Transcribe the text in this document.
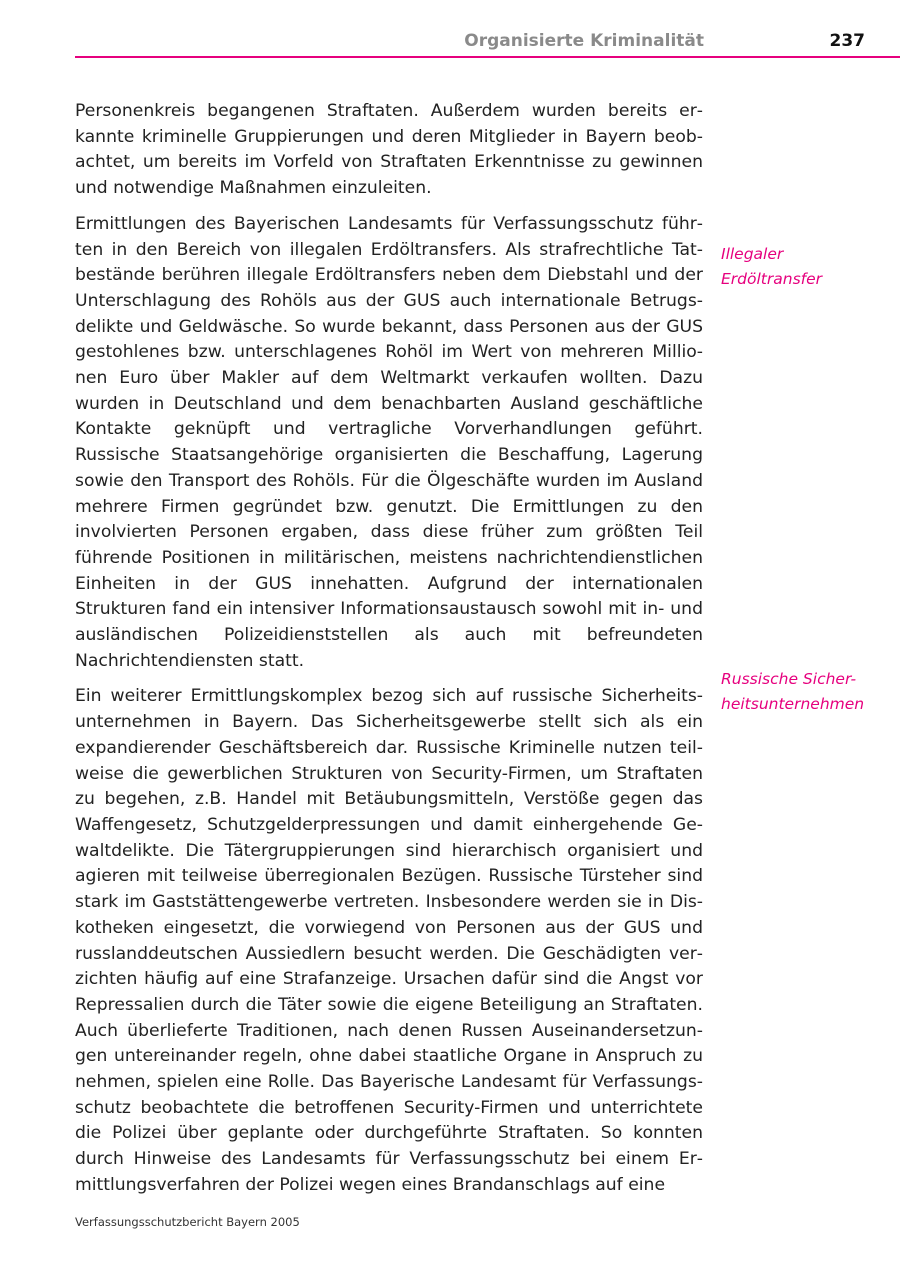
Organisierte Kriminalität	237

Personenkreis begangenen Straftaten. Außerdem wurden bereits erkannte kriminelle Gruppierungen und deren Mitglieder in Bayern beobachtet, um bereits im Vorfeld von Straftaten Erkenntnisse zu gewinnen und notwendige Maßnahmen einzuleiten.

Ermittlungen des Bayerischen Landesamts für Verfassungsschutz führten in den Bereich von illegalen Erdöltransfers. Als strafrechtliche Tatbestände berühren illegale Erdöltransfers neben dem Diebstahl und der Unterschlagung des Rohöls aus der GUS auch internationale Betrugsdelikte und Geldwäsche. So wurde bekannt, dass Personen aus der GUS gestohlenes bzw. unterschlagenes Rohöl im Wert von mehreren Millionen Euro über Makler auf dem Weltmarkt verkaufen wollten. Dazu wurden in Deutschland und dem benachbarten Ausland geschäftliche Kontakte geknüpft und vertragliche Vorverhandlungen geführt. Russische Staatsangehörige organisierten die Beschaffung, Lagerung sowie den Transport des Rohöls. Für die Ölgeschäfte wurden im Ausland mehrere Firmen gegründet bzw. genutzt. Die Ermittlungen zu den involvierten Personen ergaben, dass diese früher zum größten Teil führende Positionen in militärischen, meistens nachrichtendienstlichen Einheiten in der GUS innehatten. Aufgrund der internationalen Strukturen fand ein intensiver Informationsaustausch sowohl mit in- und ausländischen Polizeidienststellen als auch mit befreundeten Nachrichtendiensten statt.

Ein weiterer Ermittlungskomplex bezog sich auf russische Sicherheitsunternehmen in Bayern. Das Sicherheitsgewerbe stellt sich als ein expandierender Geschäftsbereich dar. Russische Kriminelle nutzen teilweise die gewerblichen Strukturen von Security-Firmen, um Straftaten zu begehen, z.B. Handel mit Betäubungsmitteln, Verstöße gegen das Waffengesetz, Schutzgelderpressungen und damit einhergehende Gewaltdelikte. Die Tätergruppierungen sind hierarchisch organisiert und agieren mit teilweise überregionalen Bezügen. Russische Türsteher sind stark im Gaststättengewerbe vertreten. Insbesondere werden sie in Diskotheken eingesetzt, die vorwiegend von Personen aus der GUS und russlanddeutschen Aussiedlern besucht werden. Die Geschädigten verzichten häufig auf eine Strafanzeige. Ursachen dafür sind die Angst vor Repressalien durch die Täter sowie die eigene Beteiligung an Straftaten. Auch überlieferte Traditionen, nach denen Russen Auseinandersetzungen untereinander regeln, ohne dabei staatliche Organe in Anspruch zu nehmen, spielen eine Rolle. Das Bayerische Landesamt für Verfassungsschutz beobachtete die betroffenen Security-Firmen und unterrichtete die Polizei über geplante oder durchgeführte Straftaten. So konnten durch Hinweise des Landesamts für Verfassungsschutz bei einem Ermittlungsverfahren der Polizei wegen eines Brandanschlags auf eine

Illegaler
Erdöltransfer
Russische Sicher-
heitsunternehmen
Verfassungsschutzbericht Bayern 2005
